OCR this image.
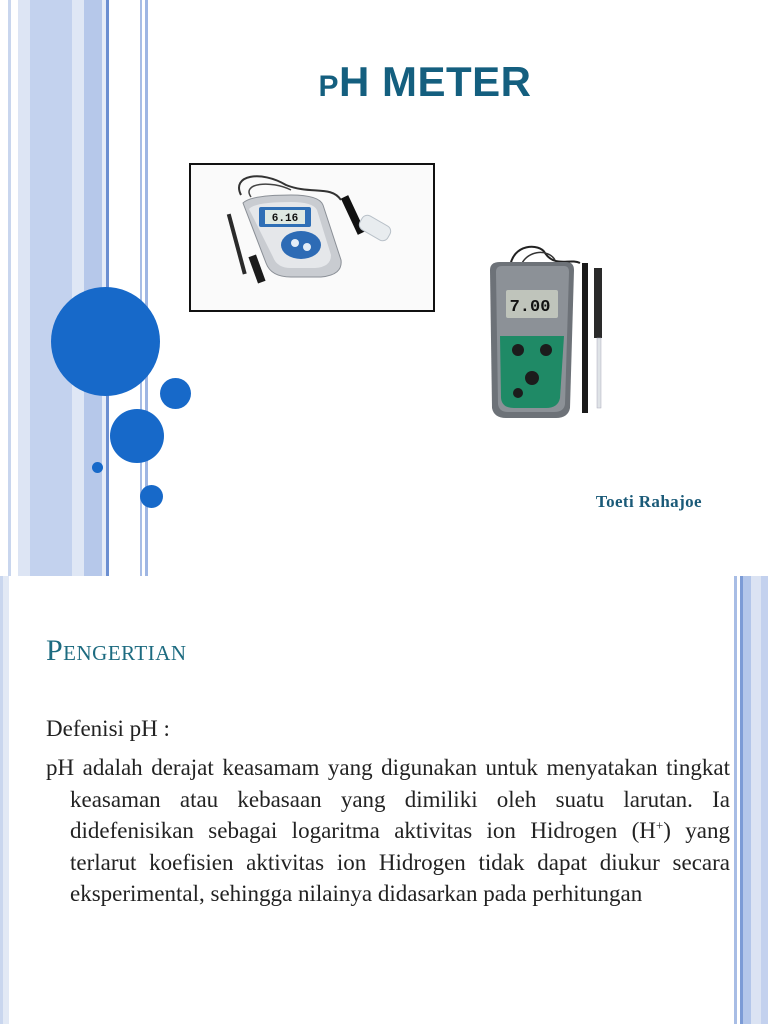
PH METER
6.16
7.00
Toeti Rahajoe
Pengertian
Defenisi pH :
pH adalah derajat keasamam yang digunakan untuk menyatakan tingkat keasaman atau kebasaan yang dimiliki oleh suatu larutan. Ia didefenisikan sebagai logaritma aktivitas ion Hidrogen (H+) yang terlarut koefisien aktivitas ion Hidrogen tidak dapat diukur secara eksperimental, sehingga nilainya didasarkan pada perhitungan
